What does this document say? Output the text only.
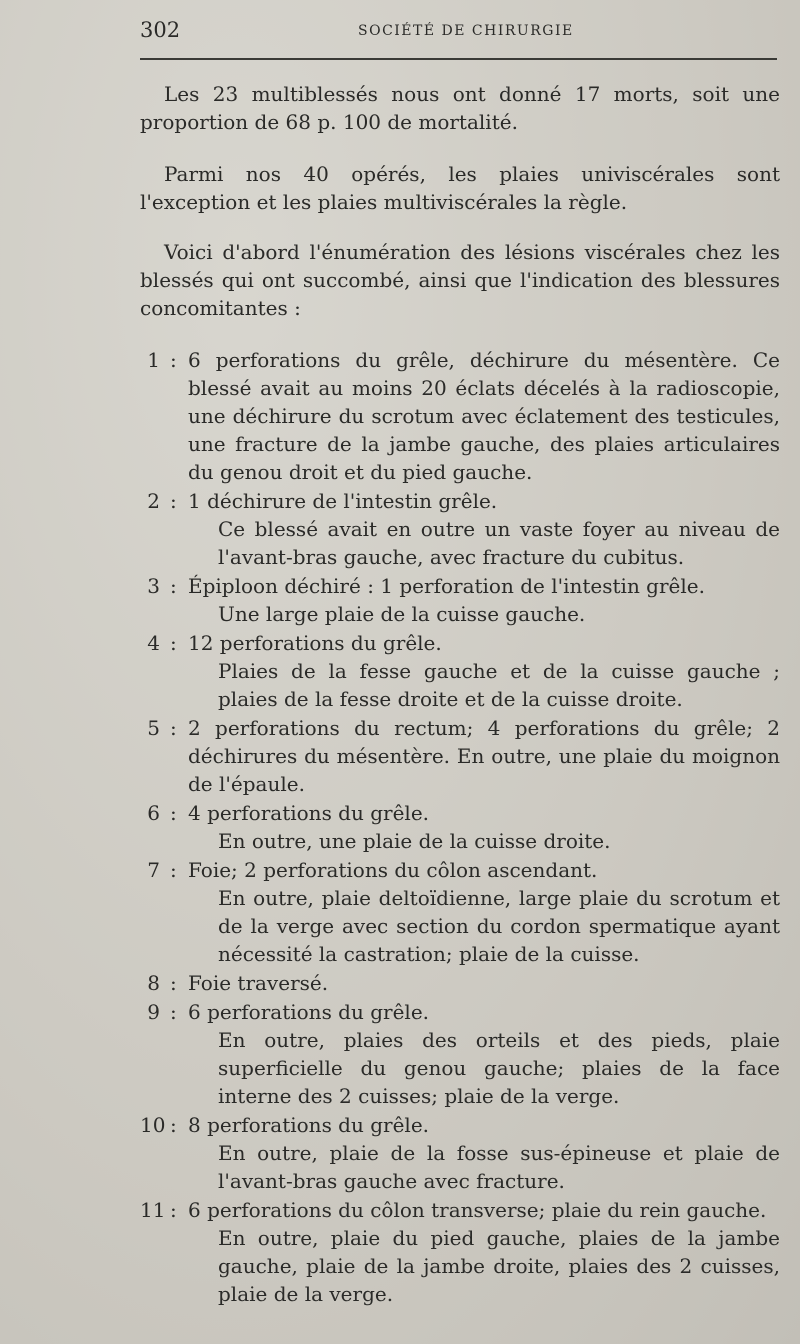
302	SOCIÉTÉ DE CHIRURGIE

Les 23 multiblessés nous ont donné 17 morts, soit une proportion de 68 p. 100 de mortalité.

Parmi nos 40 opérés, les plaies univiscérales sont l'exception et les plaies multiviscérales la règle.

Voici d'abord l'énumération des lésions viscérales chez les blessés qui ont succombé, ainsi que l'indication des blessures concomitantes :

1 : 6 perforations du grêle, déchirure du mésentère. Ce blessé avait au moins 20 éclats décelés à la radioscopie, une déchirure du scrotum avec éclatement des testicules, une fracture de la jambe gauche, des plaies articulaires du genou droit et du pied gauche.
2 : 1 déchirure de l'intestin grêle.
Ce blessé avait en outre un vaste foyer au niveau de l'avant-bras gauche, avec fracture du cubitus.
3 : Épiploon déchiré : 1 perforation de l'intestin grêle.
Une large plaie de la cuisse gauche.
4 : 12 perforations du grêle.
Plaies de la fesse gauche et de la cuisse gauche ; plaies de la fesse droite et de la cuisse droite.
5 : 2 perforations du rectum; 4 perforations du grêle; 2 déchirures du mésentère. En outre, une plaie du moignon de l'épaule.
6 : 4 perforations du grêle.
En outre, une plaie de la cuisse droite.
7 : Foie; 2 perforations du côlon ascendant.
En outre, plaie deltoïdienne, large plaie du scrotum et de la verge avec section du cordon spermatique ayant nécessité la castration; plaie de la cuisse.
8 : Foie traversé.
9 : 6 perforations du grêle.
En outre, plaies des orteils et des pieds, plaie superficielle du genou gauche; plaies de la face interne des 2 cuisses; plaie de la verge.
10 : 8 perforations du grêle.
En outre, plaie de la fosse sus-épineuse et plaie de l'avant-bras gauche avec fracture.
11 : 6 perforations du côlon transverse; plaie du rein gauche.
En outre, plaie du pied gauche, plaies de la jambe gauche, plaie de la jambe droite, plaies des 2 cuisses, plaie de la verge.
